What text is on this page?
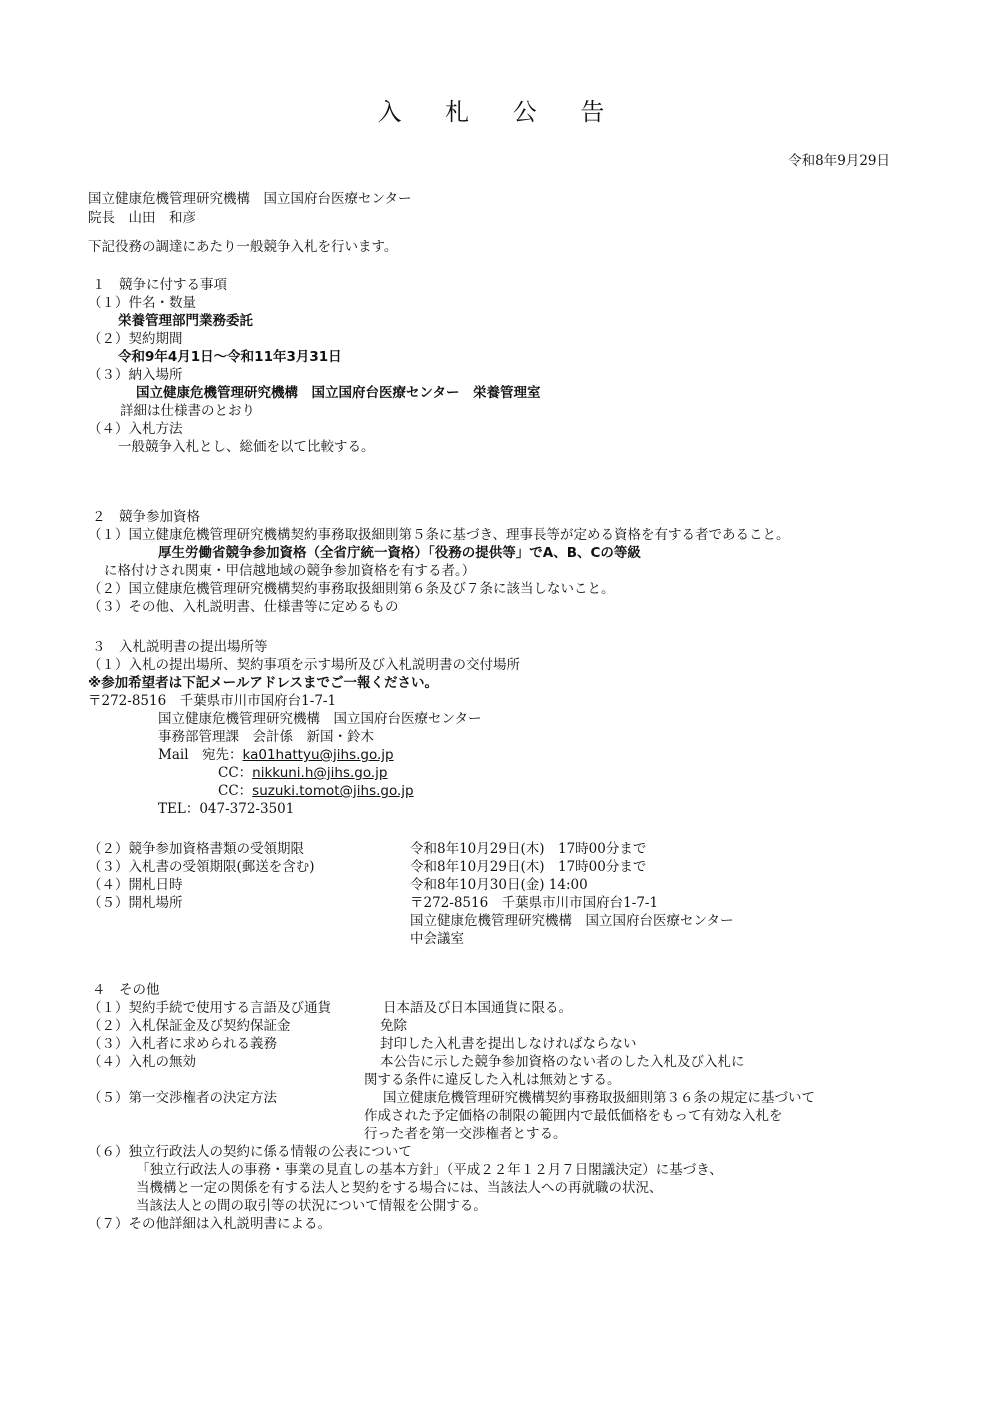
入 札 公 告
令和8年9月29日
国立健康危機管理研究機構　国立国府台医療センター
院長　山田　和彦
下記役務の調達にあたり一般競争入札を行います。
１　競争に付する事項
（１）件名・数量
栄養管理部門業務委託
（２）契約期間
令和9年4月1日～令和11年3月31日
（３）納入場所
国立健康危機管理研究機構　国立国府台医療センター　栄養管理室
詳細は仕様書のとおり
（４）入札方法
一般競争入札とし、総価を以て比較する。
２　競争参加資格
（１）国立健康危機管理研究機構契約事務取扱細則第５条に基づき、理事長等が定める資格を有する者であること。
厚生労働省競争参加資格（全省庁統一資格）「役務の提供等」でA、B、Cの等級
に格付けされ関東・甲信越地域の競争参加資格を有する者。）
（２）国立健康危機管理研究機構契約事務取扱細則第６条及び７条に該当しないこと。
（３）その他、入札説明書、仕様書等に定めるもの
３　入札説明書の提出場所等
（１）入札の提出場所、契約事項を示す場所及び入札説明書の交付場所
※参加希望者は下記メールアドレスまでご一報ください。
〒272-8516　千葉県市川市国府台1-7-1
国立健康危機管理研究機構　国立国府台医療センター
事務部管理課　会計係　新国・鈴木
Mail　宛先：ka01hattyu@jihs.go.jp
CC：nikkuni.h@jihs.go.jp
CC：suzuki.tomot@jihs.go.jp
TEL：047-372-3501
（２）競争参加資格書類の受領期限	令和8年10月29日(木)　17時00分まで
（３）入札書の受領期限(郵送を含む)	令和8年10月29日(木)　17時00分まで
（４）開札日時	令和8年10月30日(金) 14:00
（５）開札場所	〒272-8516　千葉県市川市国府台1-7-1
国立健康危機管理研究機構　国立国府台医療センター
中会議室
４　その他
（１）契約手続で使用する言語及び通貨	日本語及び日本国通貨に限る。
（２）入札保証金及び契約保証金	免除
（３）入札者に求められる義務	封印した入札書を提出しなければならない
（４）入札の無効	本公告に示した競争参加資格のない者のした入札及び入札に
関する条件に違反した入札は無効とする。
（５）第一交渉権者の決定方法	国立健康危機管理研究機構契約事務取扱細則第３６条の規定に基づいて
作成された予定価格の制限の範囲内で最低価格をもって有効な入札を
行った者を第一交渉権者とする。
（６）独立行政法人の契約に係る情報の公表について
「独立行政法人の事務・事業の見直しの基本方針」（平成２２年１２月７日閣議決定）に基づき、
当機構と一定の関係を有する法人と契約をする場合には、当該法人への再就職の状況、
当該法人との間の取引等の状況について情報を公開する。
（７）その他詳細は入札説明書による。
